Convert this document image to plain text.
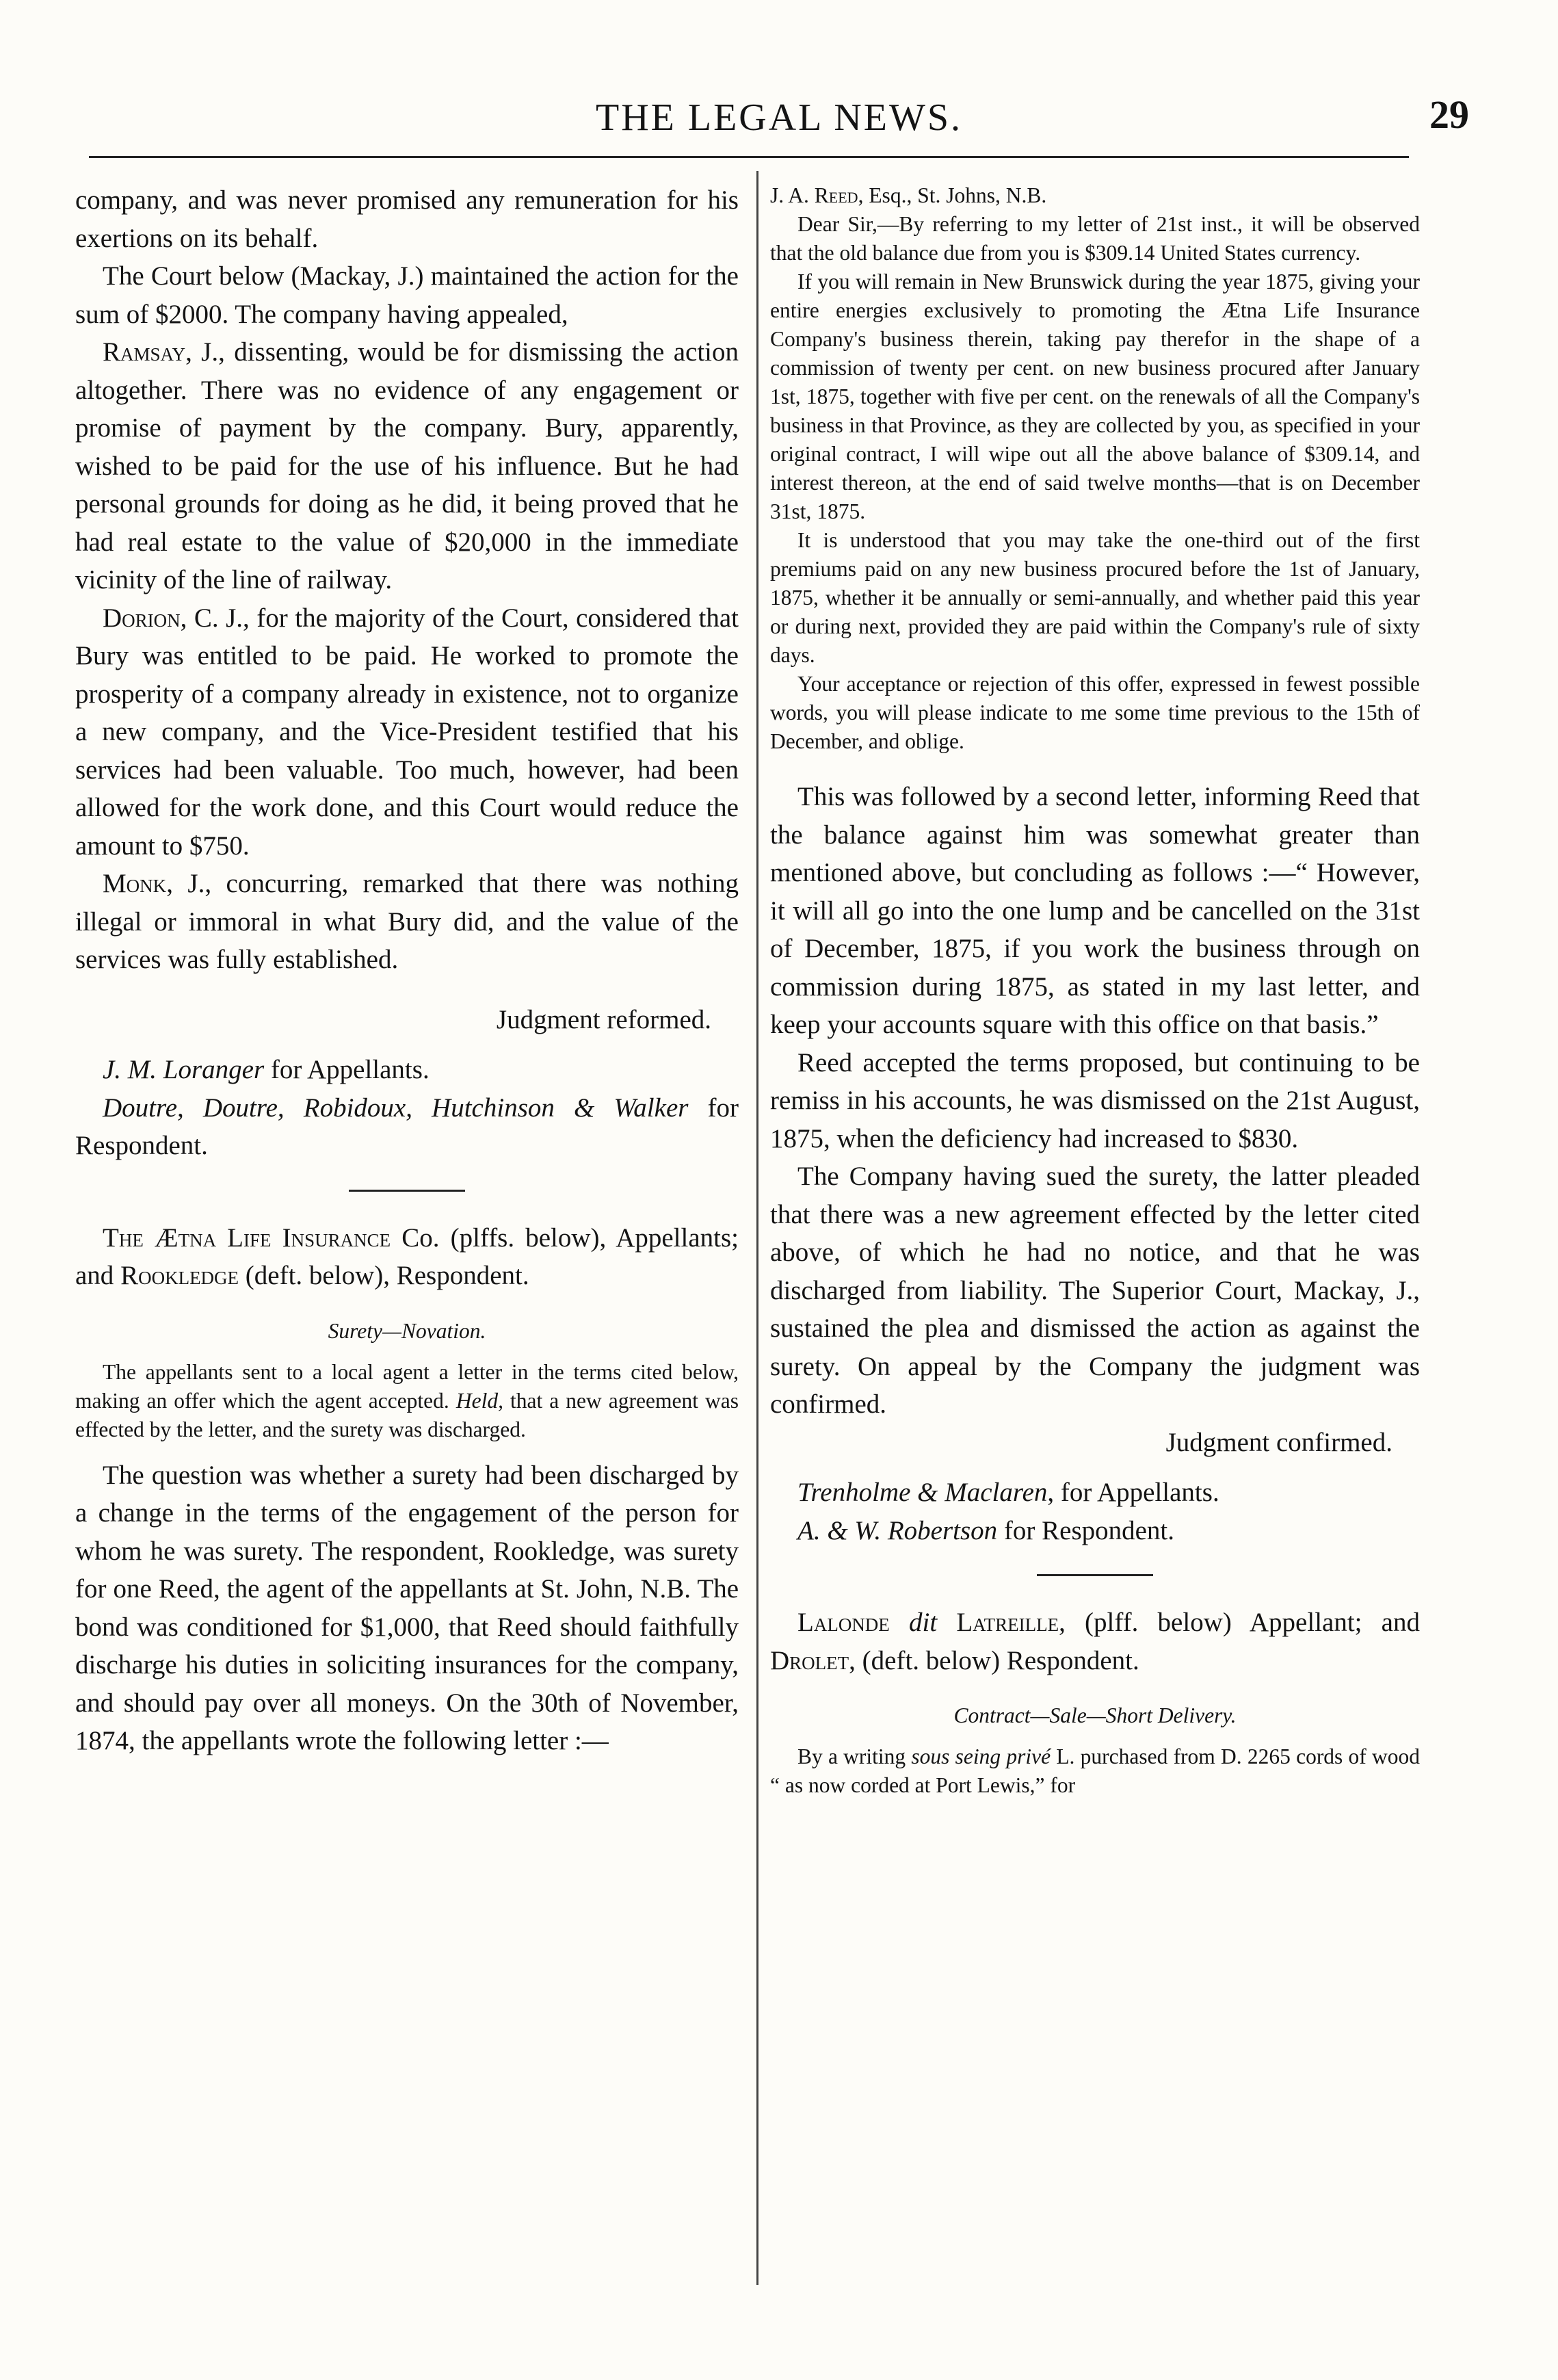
THE LEGAL NEWS.	29

company, and was never promised any remuneration for his exertions on its behalf.

The Court below (Mackay, J.) maintained the action for the sum of $2000. The company having appealed,

Ramsay, J., dissenting, would be for dismissing the action altogether. There was no evidence of any engagement or promise of payment by the company. Bury, apparently, wished to be paid for the use of his influence. But he had personal grounds for doing as he did, it being proved that he had real estate to the value of $20,000 in the immediate vicinity of the line of railway.

Dorion, C. J., for the majority of the Court, considered that Bury was entitled to be paid. He worked to promote the prosperity of a company already in existence, not to organize a new company, and the Vice-President testified that his services had been valuable. Too much, however, had been allowed for the work done, and this Court would reduce the amount to $750.

Monk, J., concurring, remarked that there was nothing illegal or immoral in what Bury did, and the value of the services was fully established.

Judgment reformed.

J. M. Loranger for Appellants.

Doutre, Doutre, Robidoux, Hutchinson & Walker for Respondent.

The Ætna Life Insurance Co. (plffs. below), Appellants; and Rookledge (deft. below), Respondent.

Surety—Novation.

The appellants sent to a local agent a letter in the terms cited below, making an offer which the agent accepted. Held, that a new agreement was effected by the letter, and the surety was discharged.

The question was whether a surety had been discharged by a change in the terms of the engagement of the person for whom he was surety. The respondent, Rookledge, was surety for one Reed, the agent of the appellants at St. John, N.B. The bond was conditioned for $1,000, that Reed should faithfully discharge his duties in soliciting insurances for the company, and should pay over all moneys. On the 30th of November, 1874, the appellants wrote the following letter :—

J. A. Reed, Esq., St. Johns, N.B.

Dear Sir,—By referring to my letter of 21st inst., it will be observed that the old balance due from you is $309.14 United States currency.

If you will remain in New Brunswick during the year 1875, giving your entire energies exclusively to promoting the Ætna Life Insurance Company's business therein, taking pay therefor in the shape of a commission of twenty per cent. on new business procured after January 1st, 1875, together with five per cent. on the renewals of all the Company's business in that Province, as they are collected by you, as specified in your original contract, I will wipe out all the above balance of $309.14, and interest thereon, at the end of said twelve months—that is on December 31st, 1875.

It is understood that you may take the one-third out of the first premiums paid on any new business procured before the 1st of January, 1875, whether it be annually or semi-annually, and whether paid this year or during next, provided they are paid within the Company's rule of sixty days.

Your acceptance or rejection of this offer, expressed in fewest possible words, you will please indicate to me some time previous to the 15th of December, and oblige.

This was followed by a second letter, informing Reed that the balance against him was somewhat greater than mentioned above, but concluding as follows :—“ However, it will all go into the one lump and be cancelled on the 31st of December, 1875, if you work the business through on commission during 1875, as stated in my last letter, and keep your accounts square with this office on that basis.”

Reed accepted the terms proposed, but continuing to be remiss in his accounts, he was dismissed on the 21st August, 1875, when the deficiency had increased to $830.

The Company having sued the surety, the latter pleaded that there was a new agreement effected by the letter cited above, of which he had no notice, and that he was discharged from liability. The Superior Court, Mackay, J., sustained the plea and dismissed the action as against the surety. On appeal by the Company the judgment was confirmed.

Judgment confirmed.

Trenholme & Maclaren, for Appellants.

A. & W. Robertson for Respondent.

Lalonde dit Latreille, (plff. below) Appellant; and Drolet, (deft. below) Respondent.

Contract—Sale—Short Delivery.

By a writing sous seing privé L. purchased from D. 2265 cords of wood “ as now corded at Port Lewis,” for
